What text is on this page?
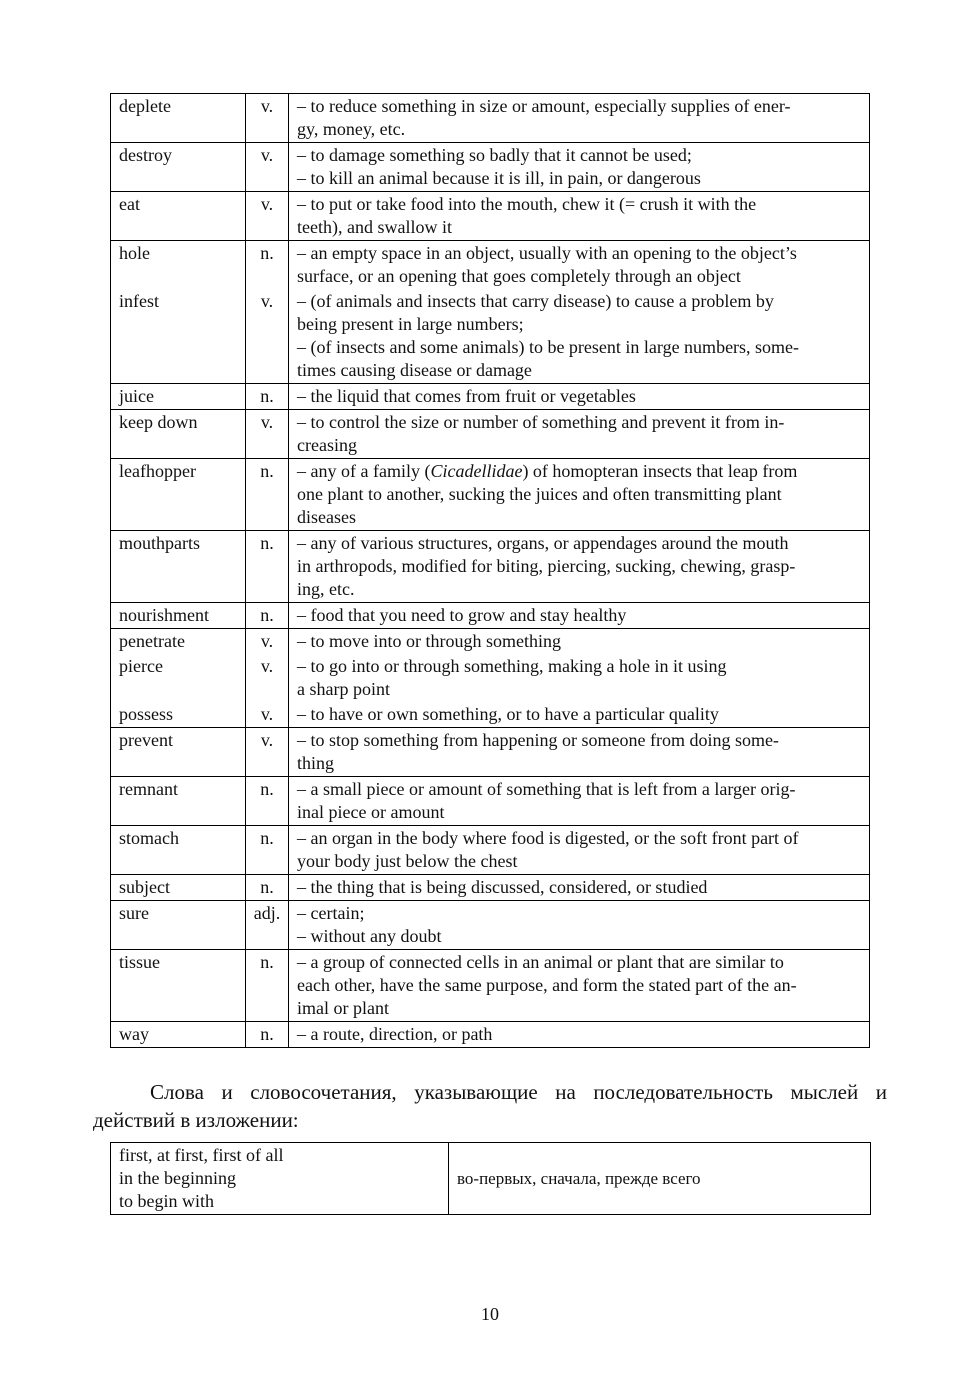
deplete	v.	– to reduce something in size or amount, especially supplies of ener-
gy, money, etc.

destroy	v.	– to damage something so badly that it cannot be used;
– to kill an animal because it is ill, in pain, or dangerous

eat	v.	– to put or take food into the mouth, chew it (= crush it with the
teeth), and swallow it

hole	n.	– an empty space in an object, usually with an opening to the object’s
surface, or an opening that goes completely through an object

infest	v.	– (of animals and insects that carry disease) to cause a problem by
being present in large numbers;
– (of insects and some animals) to be present in large numbers, some-
times causing disease or damage

juice	n.	– the liquid that comes from fruit or vegetables

keep down	v.	– to control the size or number of something and prevent it from in-
creasing

leafhopper	n.	– any of a family (Cicadellidae) of homopteran insects that leap from
one plant to another, sucking the juices and often transmitting plant
diseases

mouthparts	n.	– any of various structures, organs, or appendages around the mouth
in arthropods, modified for biting, piercing, sucking, chewing, grasp-
ing, etc.

nourishment	n.	– food that you need to grow and stay healthy

penetrate	v.	– to move into or through something

pierce	v.	– to go into or through something, making a hole in it using
a sharp point

possess	v.	– to have or own something, or to have a particular quality

prevent	v.	– to stop something from happening or someone from doing some-
thing

remnant	n.	– a small piece or amount of something that is left from a larger orig-
inal piece or amount

stomach	n.	– an organ in the body where food is digested, or the soft front part of
your body just below the chest

subject	n.	– the thing that is being discussed, considered, or studied

sure	adj.	– certain;
– without any doubt

tissue	n.	– a group of connected cells in an animal or plant that are similar to
each other, have the same purpose, and form the stated part of the an-
imal or plant

way	n.	– a route, direction, or path
Слова и словосочетания, указывающие на последовательность мыслей и действий в изложении:
first, at first, first of all
in the beginning
to begin with
	во-первых, сначала, прежде всего
10
